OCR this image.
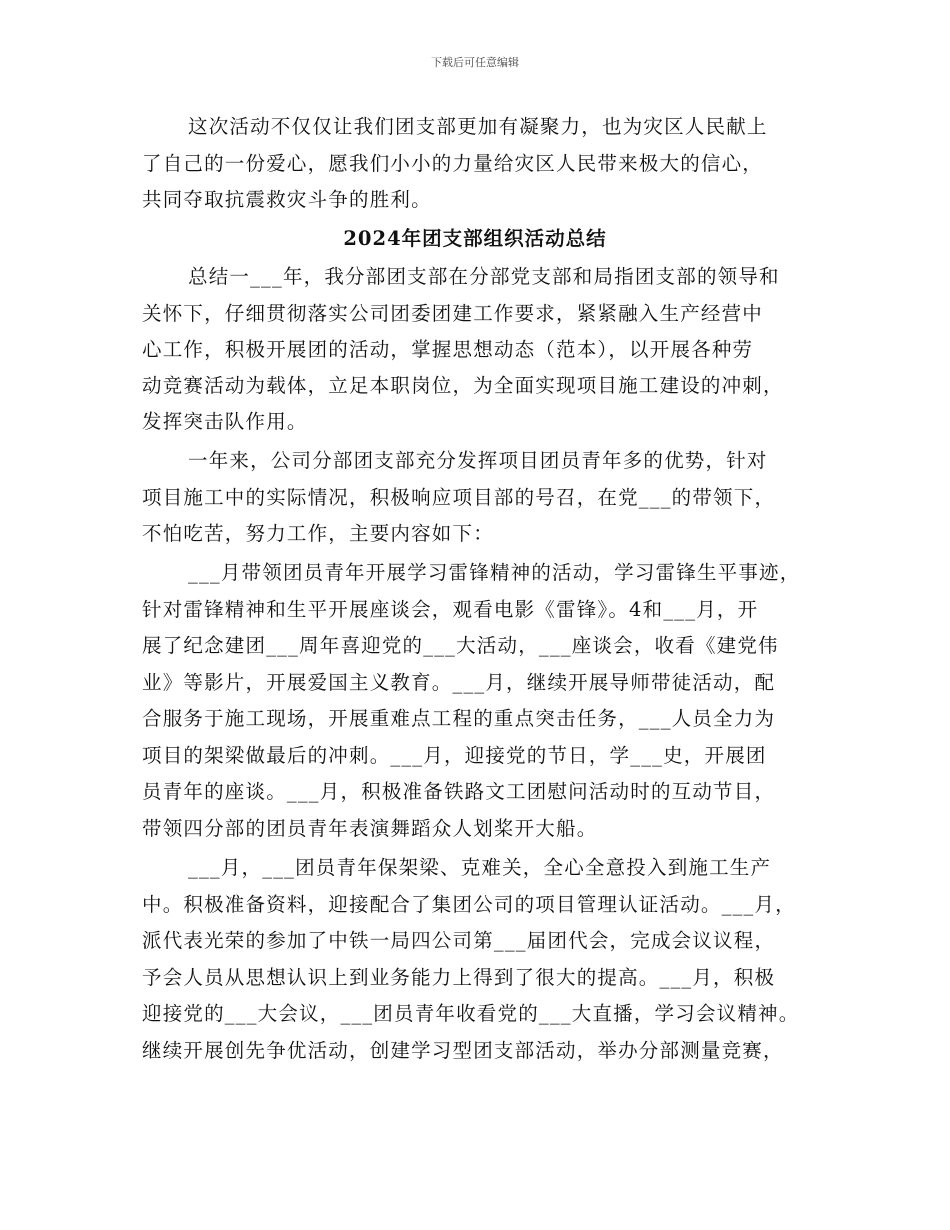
下载后可任意编辑
这次活动不仅仅让我们团支部更加有凝聚力，也为灾区人民献上
了自己的一份爱心，愿我们小小的力量给灾区人民带来极大的信心，
共同夺取抗震救灾斗争的胜利。
2024年团支部组织活动总结
总结一___年，我分部团支部在分部党支部和局指团支部的领导和
关怀下，仔细贯彻落实公司团委团建工作要求，紧紧融入生产经营中
心工作，积极开展团的活动，掌握思想动态（范本），以开展各种劳
动竞赛活动为载体，立足本职岗位，为全面实现项目施工建设的冲刺，
发挥突击队作用。
一年来，公司分部团支部充分发挥项目团员青年多的优势，针对
项目施工中的实际情况，积极响应项目部的号召，在党___的带领下，
不怕吃苦，努力工作，主要内容如下：
___月带领团员青年开展学习雷锋精神的活动，学习雷锋生平事迹，
针对雷锋精神和生平开展座谈会，观看电影《雷锋》。4和___月，开
展了纪念建团___周年喜迎党的___大活动，___座谈会，收看《建党伟
业》等影片，开展爱国主义教育。___月，继续开展导师带徒活动，配
合服务于施工现场，开展重难点工程的重点突击任务，___人员全力为
项目的架梁做最后的冲刺。___月，迎接党的节日，学___史，开展团
员青年的座谈。___月，积极准备铁路文工团慰问活动时的互动节目，
带领四分部的团员青年表演舞蹈众人划桨开大船。
___月，___团员青年保架梁、克难关，全心全意投入到施工生产
中。积极准备资料，迎接配合了集团公司的项目管理认证活动。___月，
派代表光荣的参加了中铁一局四公司第___届团代会，完成会议议程，
予会人员从思想认识上到业务能力上得到了很大的提高。___月，积极
迎接党的___大会议，___团员青年收看党的___大直播，学习会议精神。
继续开展创先争优活动，创建学习型团支部活动，举办分部测量竞赛，
